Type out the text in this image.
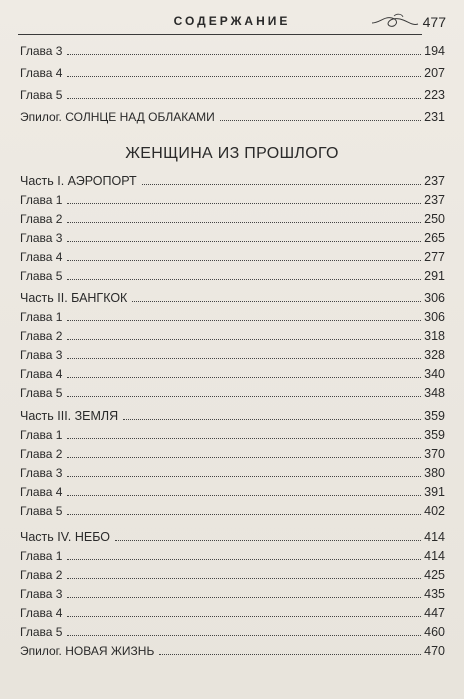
СОДЕРЖАНИЕ	477
Глава 3	194
Глава 4	207
Глава 5	223
Эпилог. СОЛНЦЕ НАД ОБЛАКАМИ	231
ЖЕНЩИНА ИЗ ПРОШЛОГО
Часть I. АЭРОПОРТ	237
Глава 1	237
Глава 2	250
Глава 3	265
Глава 4	277
Глава 5	291
Часть II. БАНГКОК	306
Глава 1	306
Глава 2	318
Глава 3	328
Глава 4	340
Глава 5	348
Часть III. ЗЕМЛЯ	359
Глава 1	359
Глава 2	370
Глава 3	380
Глава 4	391
Глава 5	402
Часть IV. НЕБО	414
Глава 1	414
Глава 2	425
Глава 3	435
Глава 4	447
Глава 5	460
Эпилог. НОВАЯ ЖИЗНЬ	470
